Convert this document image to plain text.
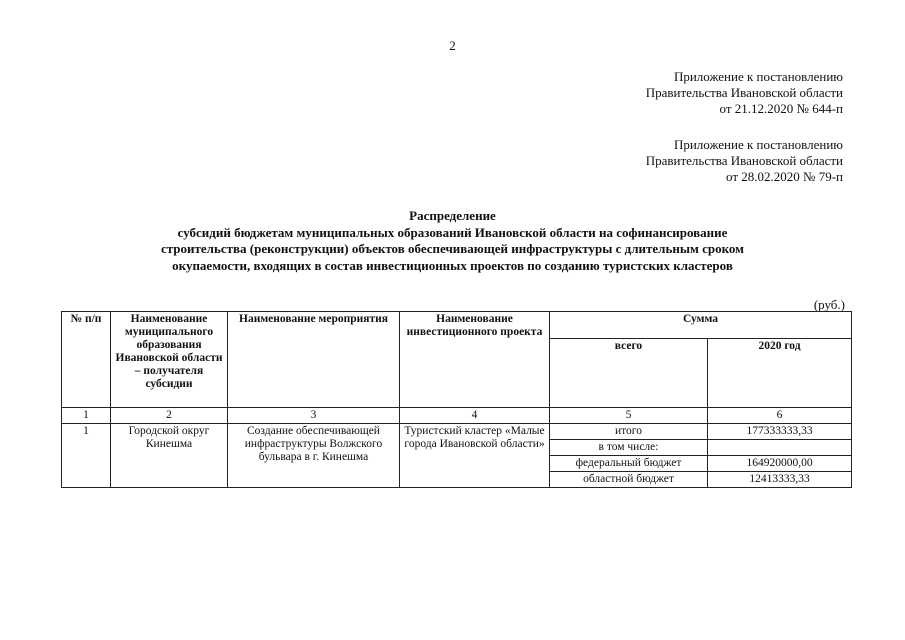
2
Приложение к постановлению
Правительства Ивановской области
от 21.12.2020 № 644-п
Приложение к постановлению
Правительства Ивановской области
от 28.02.2020 № 79-п
Распределение
субсидий бюджетам муниципальных образований Ивановской области на софинансирование
строительства (реконструкции) объектов обеспечивающей инфраструктуры с длительным сроком
окупаемости, входящих в состав инвестиционных проектов по созданию туристских кластеров
(руб.)
№ п/п	Наименование муниципального образования Ивановской области – получателя субсидии	Наименование мероприятия	Наименование инвестиционного проекта	Сумма	
				всего	2020 год
1	2	3	4	5	6
1	Городской округ Кинешма	Создание обеспечивающей инфраструктуры Волжского бульвара в г. Кинешма	Туристский кластер «Малые города Ивановской области»	итого	177333333,33
				в том числе:	
				федеральный бюджет	164920000,00
				областной бюджет	12413333,33
